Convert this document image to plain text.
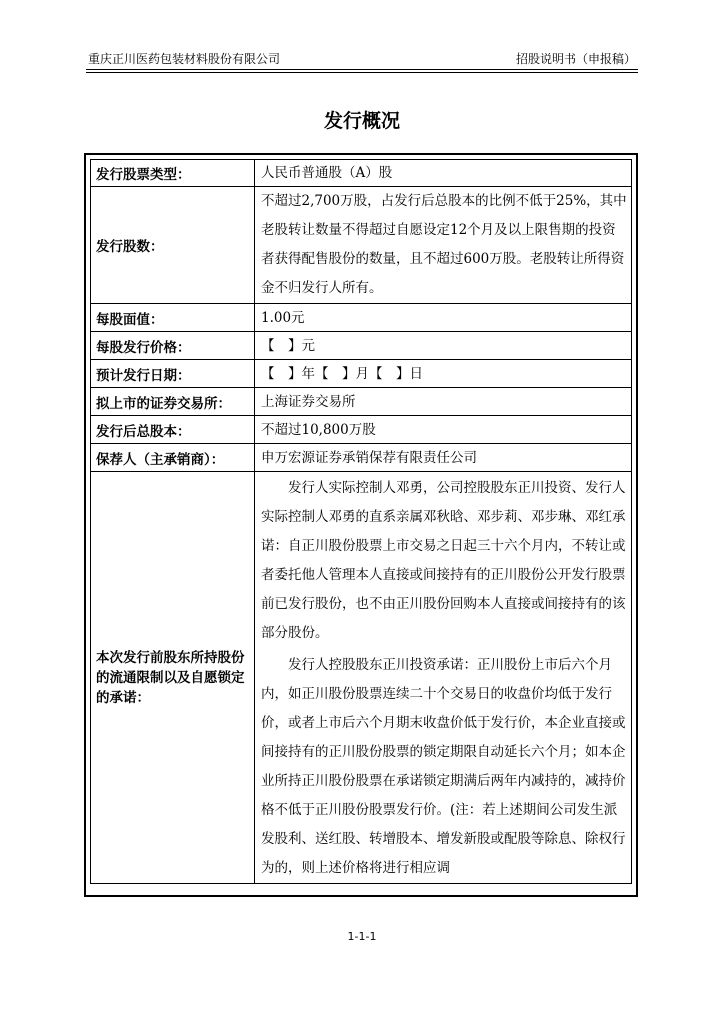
重庆正川医药包装材料股份有限公司	招股说明书（申报稿）
发行概况
发行股票类型：	人民币普通股（A）股
发行股数：	不超过2,700万股，占发行后总股本的比例不低于25%，其中老股转让数量不得超过自愿设定12个月及以上限售期的投资者获得配售股份的数量，且不超过600万股。老股转让所得资金不归发行人所有。
每股面值：	1.00元
每股发行价格：	【　】元
预计发行日期：	【　】年【　】月【　】日
拟上市的证券交易所：	上海证券交易所
发行后总股本：	不超过10,800万股
保荐人（主承销商）：	申万宏源证券承销保荐有限责任公司
本次发行前股东所持股份的流通限制以及自愿锁定的承诺：	发行人实际控制人邓勇，公司控股股东正川投资、发行人实际控制人邓勇的直系亲属邓秋晗、邓步莉、邓步琳、邓红承诺：自正川股份股票上市交易之日起三十六个月内，不转让或者委托他人管理本人直接或间接持有的正川股份公开发行股票前已发行股份，也不由正川股份回购本人直接或间接持有的该部分股份。

发行人控股股东正川投资承诺：正川股份上市后六个月内，如正川股份股票连续二十个交易日的收盘价均低于发行价，或者上市后六个月期末收盘价低于发行价，本企业直接或间接持有的正川股份股票的锁定期限自动延长六个月；如本企业所持正川股份股票在承诺锁定期满后两年内减持的，减持价格不低于正川股份股票发行价。(注：若上述期间公司发生派发股利、送红股、转增股本、增发新股或配股等除息、除权行为的，则上述价格将进行相应调

1-1-1
